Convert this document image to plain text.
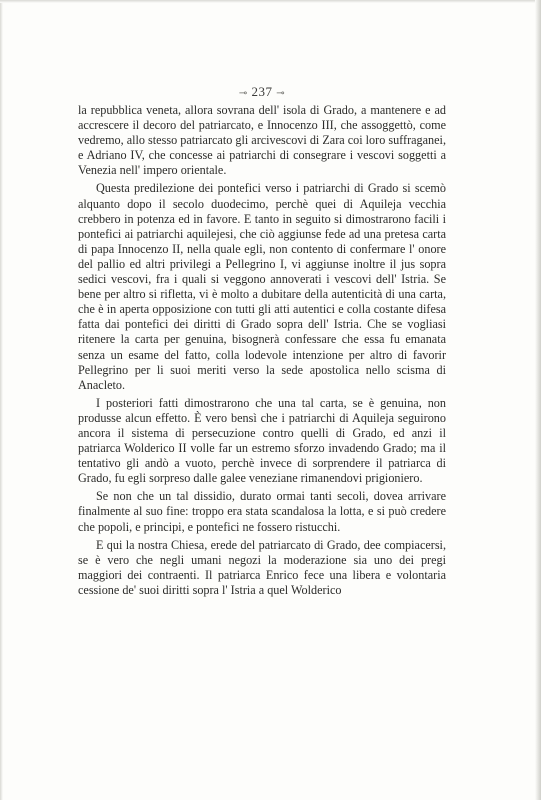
⊸ 237 ⊸

la repubblica veneta, allora sovrana dell' isola di Grado, a mantenere e ad accrescere il decoro del patriarcato, e Innocenzo III, che assoggettò, come vedremo, allo stesso patriarcato gli arcivescovi di Zara coi loro suffraganei, e Adriano IV, che concesse ai patriarchi di consegrare i vescovi soggetti a Venezia nell' impero orientale.

Questa predilezione dei pontefici verso i patriarchi di Grado si scemò alquanto dopo il secolo duodecimo, perchè quei di Aquileja vecchia crebbero in potenza ed in favore. E tanto in seguito si dimostrarono facili i pontefici ai patriarchi aquilejesi, che ciò aggiunse fede ad una pretesa carta di papa Innocenzo II, nella quale egli, non contento di confermare l' onore del pallio ed altri privilegi a Pellegrino I, vi aggiunse inoltre il jus sopra sedici vescovi, fra i quali si veggono annoverati i vescovi dell' Istria. Se bene per altro si rifletta, vi è molto a dubitare della autenticità di una carta, che è in aperta opposizione con tutti gli atti autentici e colla costante difesa fatta dai pontefici dei diritti di Grado sopra dell' Istria. Che se vogliasi ritenere la carta per genuina, bisognerà confessare che essa fu emanata senza un esame del fatto, colla lodevole intenzione per altro di favorir Pellegrino per li suoi meriti verso la sede apostolica nello scisma di Anacleto.

I posteriori fatti dimostrarono che una tal carta, se è genuina, non produsse alcun effetto. È vero bensì che i patriarchi di Aquileja seguirono ancora il sistema di persecuzione contro quelli di Grado, ed anzi il patriarca Wolderico II volle far un estremo sforzo invadendo Grado; ma il tentativo gli andò a vuoto, perchè invece di sorprendere il patriarca di Grado, fu egli sorpreso dalle galee veneziane rimanendovi prigioniero.

Se non che un tal dissidio, durato ormai tanti secoli, dovea arrivare finalmente al suo fine: troppo era stata scandalosa la lotta, e si può credere che popoli, e principi, e pontefici ne fossero ristucchi.

E qui la nostra Chiesa, erede del patriarcato di Grado, dee compiacersi, se è vero che negli umani negozi la moderazione sia uno dei pregi maggiori dei contraenti. Il patriarca Enrico fece una libera e volontaria cessione de' suoi diritti sopra l' Istria a quel Wolderico
